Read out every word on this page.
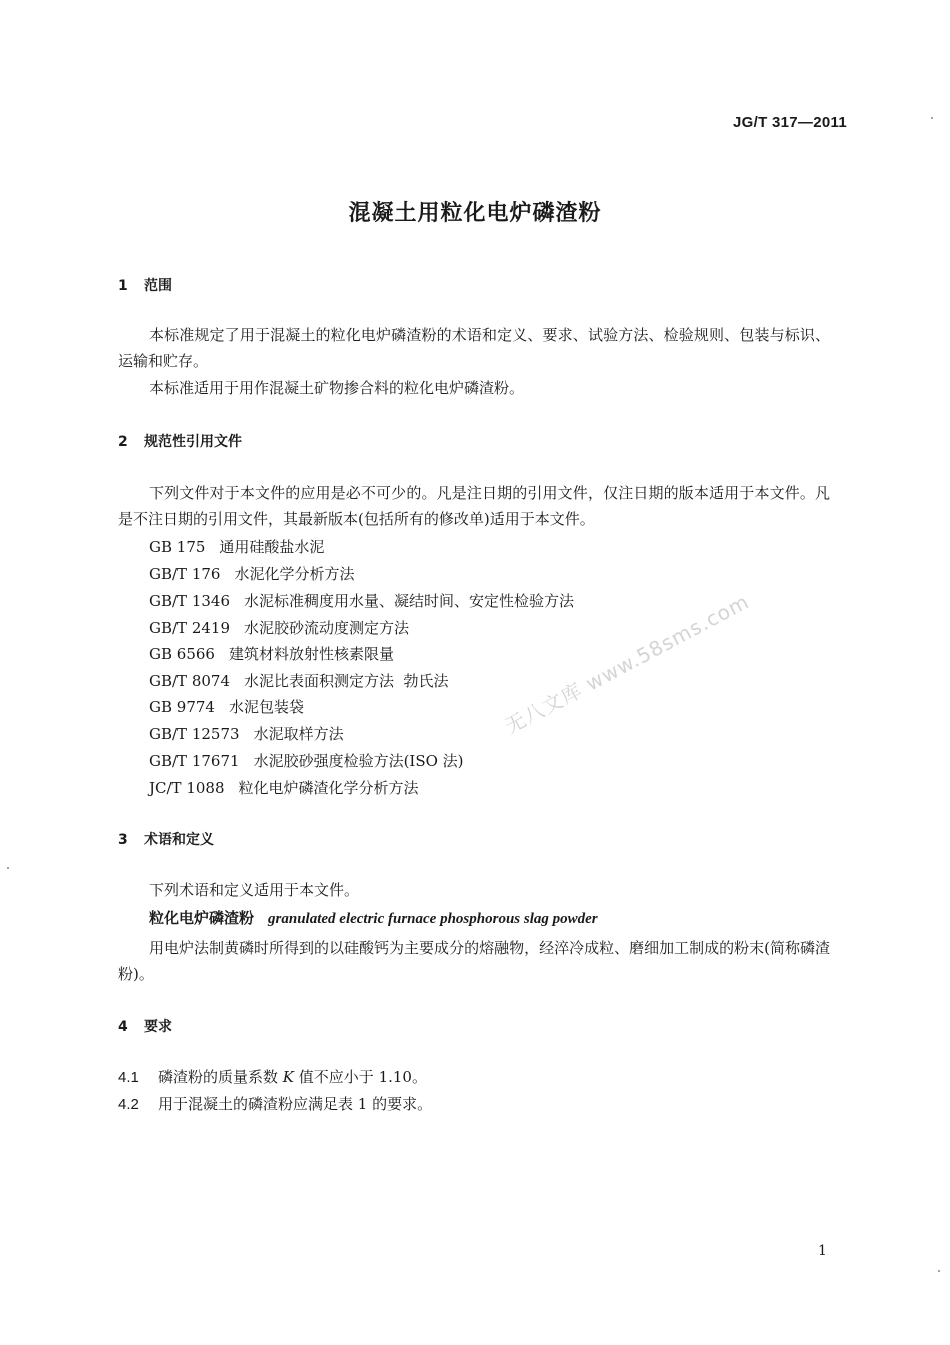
JG/T 317—2011
混凝土用粒化电炉磷渣粉
1 范围
本标准规定了用于混凝土的粒化电炉磷渣粉的术语和定义、要求、试验方法、检验规则、包装与标识、运输和贮存。
本标准适用于用作混凝土矿物掺合料的粒化电炉磷渣粉。
2 规范性引用文件
下列文件对于本文件的应用是必不可少的。凡是注日期的引用文件，仅注日期的版本适用于本文件。凡是不注日期的引用文件，其最新版本(包括所有的修改单)适用于本文件。
GB 175 通用硅酸盐水泥
GB/T 176 水泥化学分析方法
GB/T 1346 水泥标准稠度用水量、凝结时间、安定性检验方法
GB/T 2419 水泥胶砂流动度测定方法
GB 6566 建筑材料放射性核素限量
GB/T 8074 水泥比表面积测定方法  勃氏法
GB 9774 水泥包装袋
GB/T 12573 水泥取样方法
GB/T 17671 水泥胶砂强度检验方法(ISO 法)
JC/T 1088 粒化电炉磷渣化学分析方法
3 术语和定义
下列术语和定义适用于本文件。
粒化电炉磷渣粉 granulated electric furnace phosphorous slag powder
用电炉法制黄磷时所得到的以硅酸钙为主要成分的熔融物，经淬冷成粒、磨细加工制成的粉末(简称磷渣粉)。
4 要求
4.1 磷渣粉的质量系数 K 值不应小于 1.10。
4.2 用于混凝土的磷渣粉应满足表 1 的要求。
无八文库 www.58sms.com
1
